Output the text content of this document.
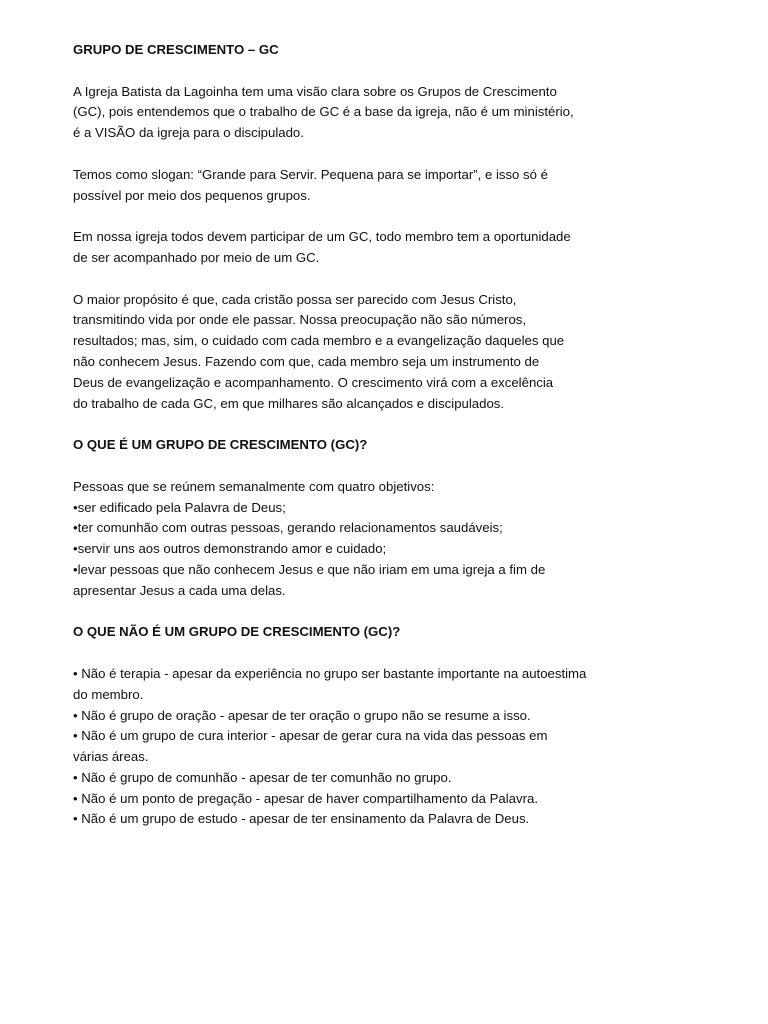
GRUPO DE CRESCIMENTO – GC
A Igreja Batista da Lagoinha tem uma visão clara sobre os Grupos de Crescimento
(GC), pois entendemos que o trabalho de GC é a base da igreja, não é um ministério,
é a VISÃO da igreja para o discipulado.
Temos como slogan: “Grande para Servir. Pequena para se importar”, e isso só é
possível por meio dos pequenos grupos.
Em nossa igreja todos devem participar de um GC, todo membro tem a oportunidade
de ser acompanhado por meio de um GC.
O maior propósito é que, cada cristão possa ser parecido com Jesus Cristo,
transmitindo vida por onde ele passar. Nossa preocupação não são números,
resultados; mas, sim, o cuidado com cada membro e a evangelização daqueles que
não conhecem Jesus. Fazendo com que, cada membro seja um instrumento de
Deus de evangelização e acompanhamento. O crescimento virá com a excelência
do trabalho de cada GC, em que milhares são alcançados e discipulados.
O QUE É UM GRUPO DE CRESCIMENTO (GC)?
Pessoas que se reúnem semanalmente com quatro objetivos:
•ser edificado pela Palavra de Deus;
•ter comunhão com outras pessoas, gerando relacionamentos saudáveis;
•servir uns aos outros demonstrando amor e cuidado;
•levar pessoas que não conhecem Jesus e que não iriam em uma igreja a fim de
apresentar Jesus a cada uma delas.
O QUE NÃO É UM GRUPO DE CRESCIMENTO (GC)?
• Não é terapia - apesar da experiência no grupo ser bastante importante na autoestima
do membro.
• Não é grupo de oração - apesar de ter oração o grupo não se resume a isso.
• Não é um grupo de cura interior - apesar de gerar cura na vida das pessoas em
várias áreas.
• Não é grupo de comunhão - apesar de ter comunhão no grupo.
• Não é um ponto de pregação - apesar de haver compartilhamento da Palavra.
• Não é um grupo de estudo - apesar de ter ensinamento da Palavra de Deus.
